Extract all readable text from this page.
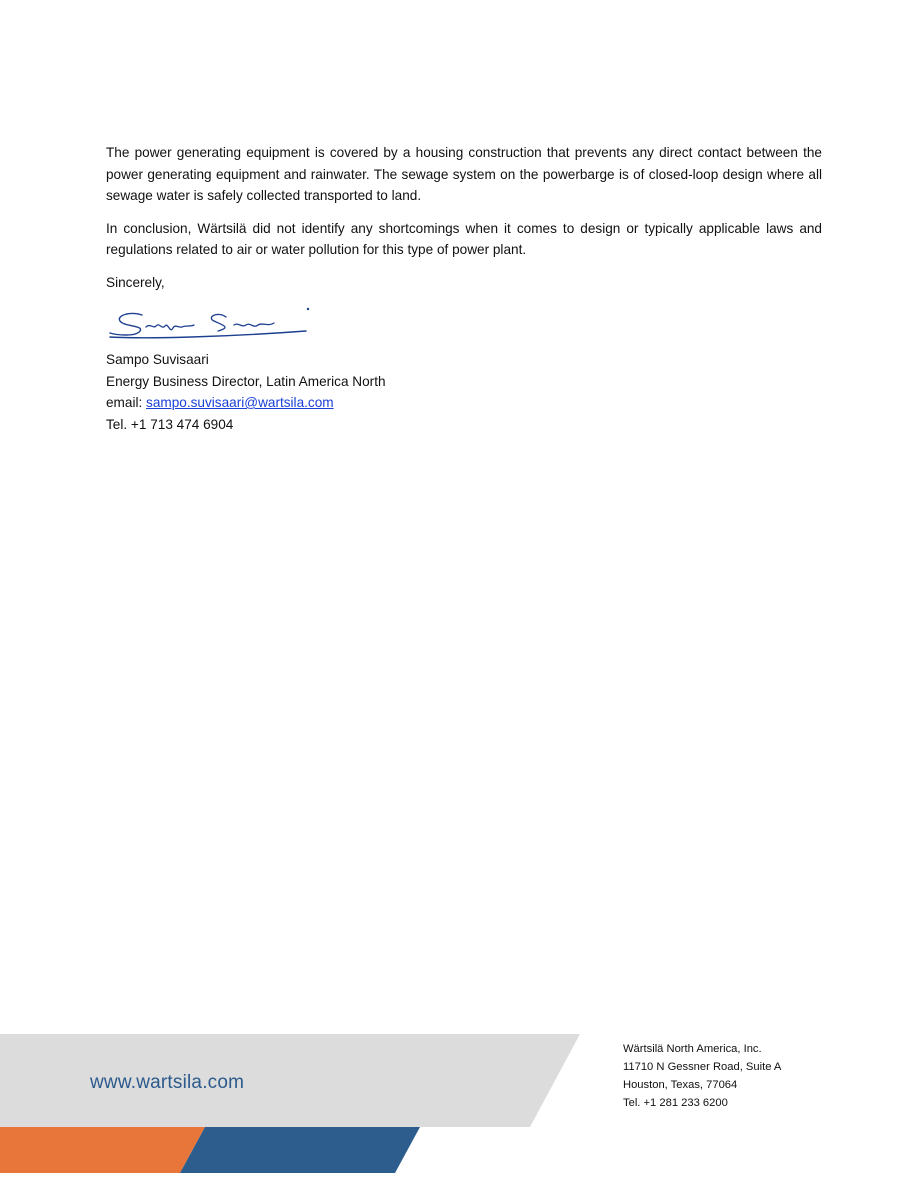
The power generating equipment is covered by a housing construction that prevents any direct contact between the power generating equipment and rainwater. The sewage system on the powerbarge is of closed-loop design where all sewage water is safely collected transported to land.

In conclusion, Wärtsilä did not identify any shortcomings when it comes to design or typically applicable laws and regulations related to air or water pollution for this type of power plant.

Sincerely,

Sampo Suvisaari
Energy Business Director, Latin America North
email: sampo.suvisaari@wartsila.com
Tel. +1 713 474 6904
www.wartsila.com
Wärtsilä North America, Inc.
11710 N Gessner Road, Suite A
Houston, Texas, 77064
Tel. +1 281 233 6200
